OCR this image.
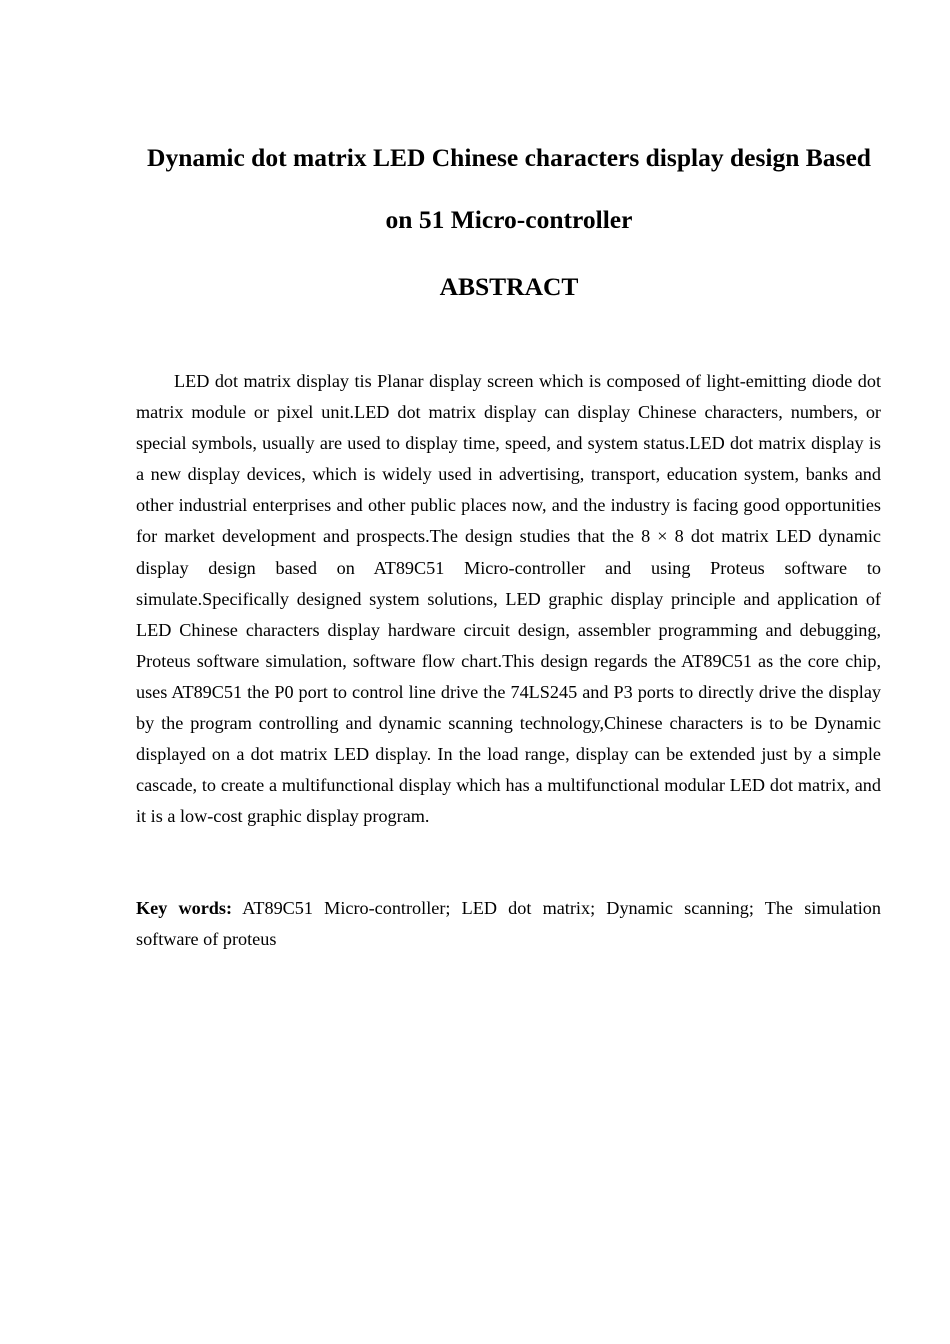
Dynamic dot matrix LED Chinese characters display design Based
on 51 Micro-controller
ABSTRACT

LED dot matrix display tis Planar display screen which is composed of light-emitting diode dot matrix module or pixel unit.LED dot matrix display can display Chinese characters, numbers, or special symbols, usually are used to display time, speed, and system status.LED dot matrix display is a new display devices, which is widely used in advertising, transport, education system, banks and other industrial enterprises and other public places now, and the industry is facing good opportunities for market development and prospects.The design studies that the 8 × 8 dot matrix LED dynamic display design based on AT89C51 Micro-controller and using Proteus software to simulate.Specifically designed system solutions, LED graphic display principle and application of LED Chinese characters display hardware circuit design, assembler programming and debugging, Proteus software simulation, software flow chart.This design regards the AT89C51 as the core chip, uses AT89C51 the P0 port to control line drive the 74LS245 and P3 ports to directly drive the display by the program controlling and dynamic scanning technology,Chinese characters is to be Dynamic displayed on a dot matrix LED display. In the load range, display can be extended just by a simple cascade, to create a multifunctional display which has a multifunctional modular LED dot matrix, and it is a low-cost graphic display program.

Key words: AT89C51 Micro-controller; LED dot matrix; Dynamic scanning; The simulation software of proteus
